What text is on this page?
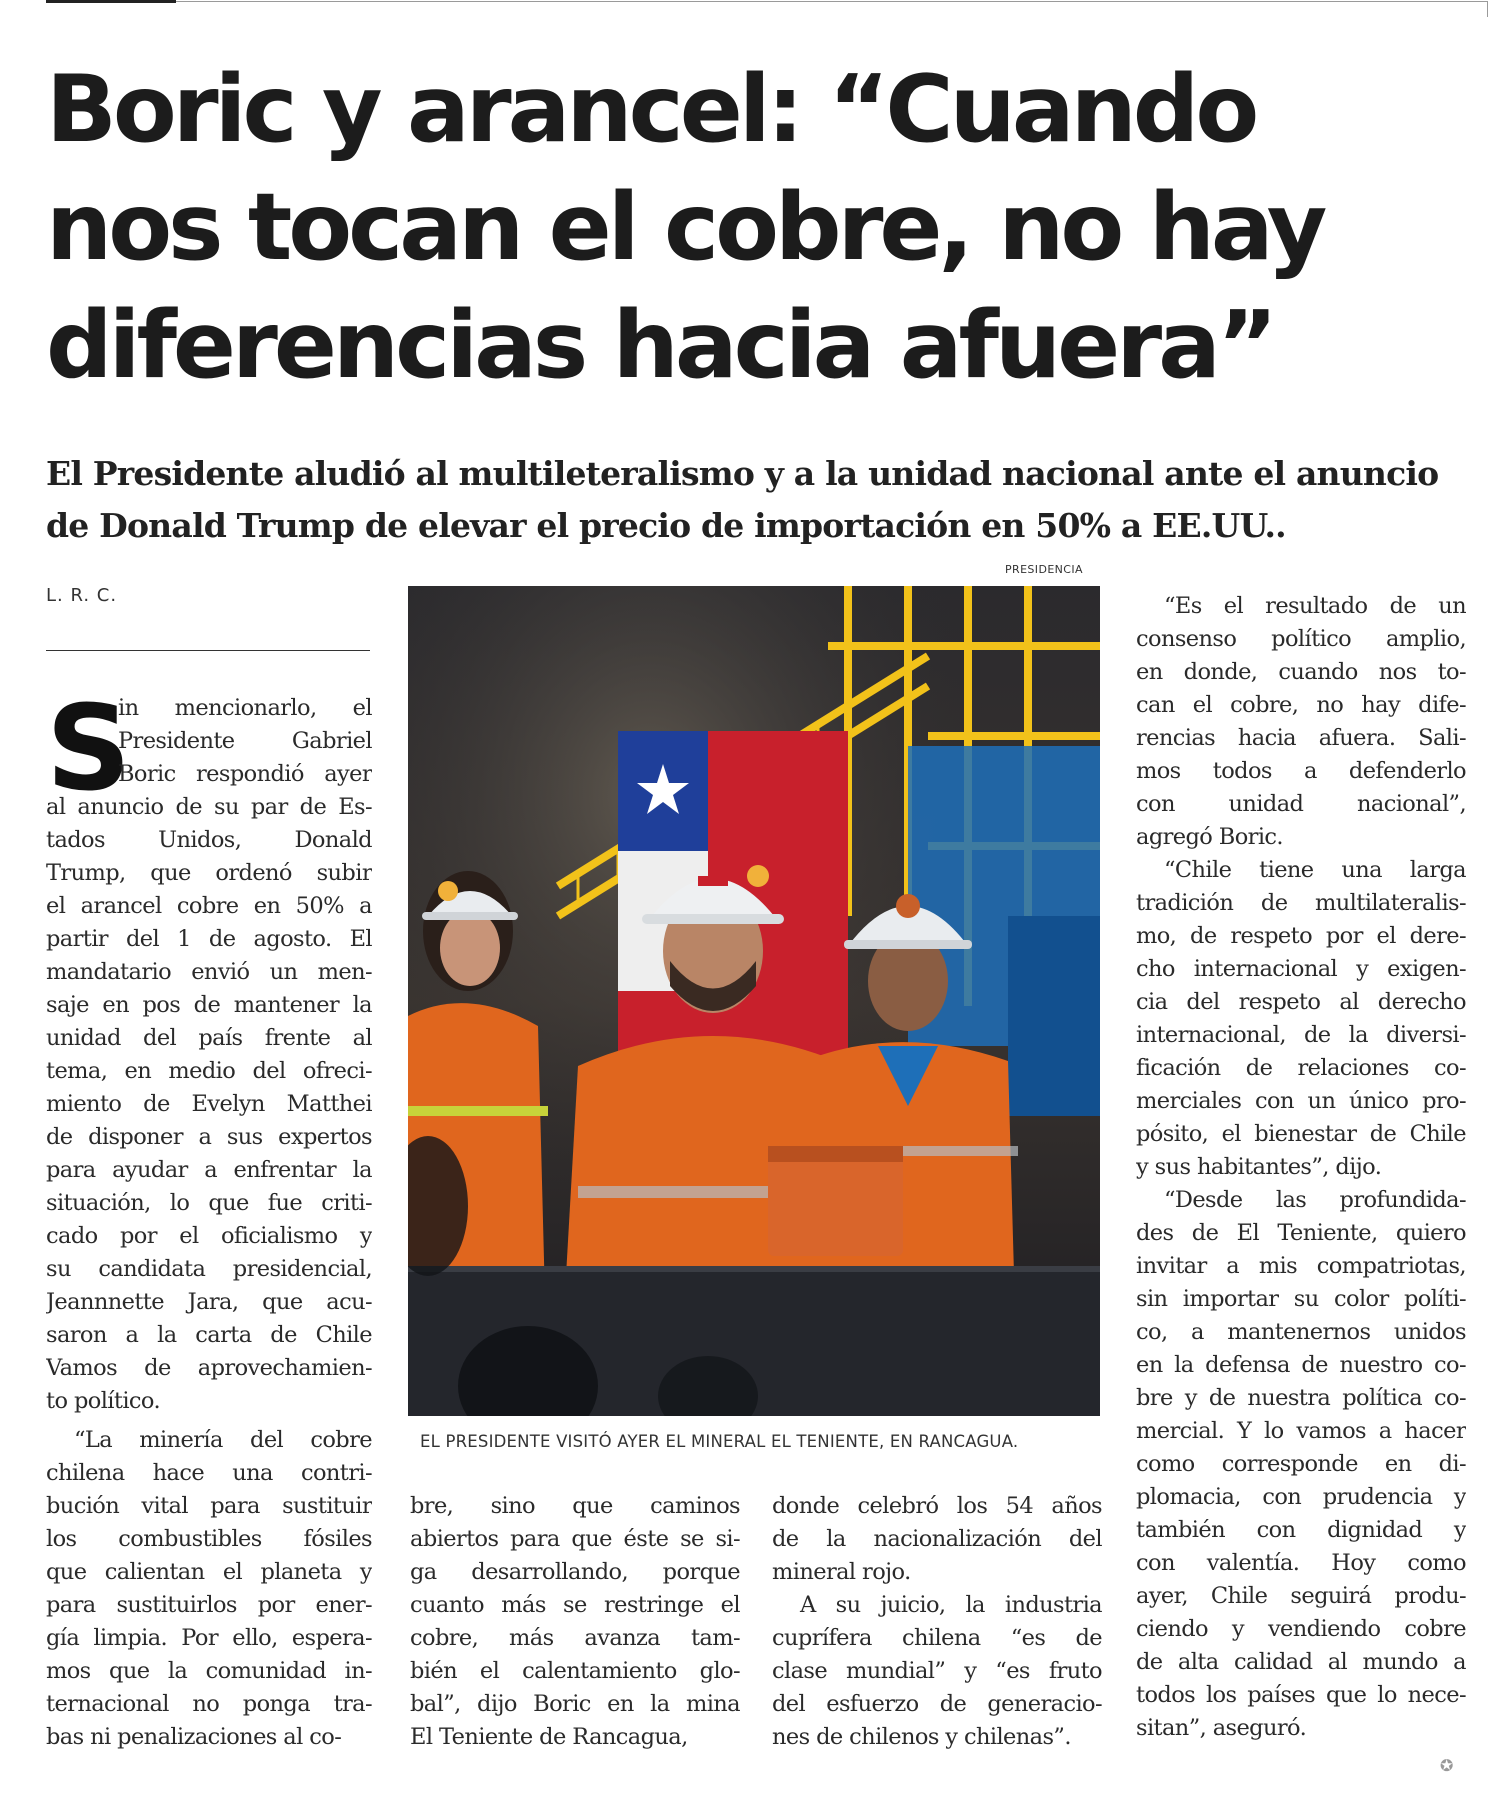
Boric y arancel: “Cuando
nos tocan el cobre, no hay
diferencias hacia afuera”
El Presidente aludió al multileteralismo y a la unidad nacional ante el anuncio
de Donald Trump de elevar el precio de importación en 50% a EE.UU..
L. R. C.
S
in mencionarlo, el
Presidente Gabriel
Boric respondió ayer
al anuncio de su par de Es-
tados Unidos, Donald
Trump, que ordenó subir
el arancel cobre en 50% a
partir del 1 de agosto. El
mandatario envió un men-
saje en pos de mantener la
unidad del país frente al
tema, en medio del ofreci-
miento de Evelyn Matthei
de disponer a sus expertos
para ayudar a enfrentar la
situación, lo que fue criti-
cado por el oficialismo y
su candidata presidencial,
Jeannnette Jara, que acu-
saron a la carta de Chile
Vamos de aprovechamien-
to político.
“La minería del cobre
chilena hace una contri-
bución vital para sustituir
los combustibles fósiles
que calientan el planeta y
para sustituirlos por ener-
gía limpia. Por ello, espera-
mos que la comunidad in-
ternacional no ponga tra-
bas ni penalizaciones al co-
bre, sino que caminos
abiertos para que éste se si-
ga desarrollando, porque
cuanto más se restringe el
cobre, más avanza tam-
bién el calentamiento glo-
bal”, dijo Boric en la mina
El Teniente de Rancagua,
donde celebró los 54 años
de la nacionalización del
mineral rojo.
A su juicio, la industria
cuprífera chilena “es de
clase mundial” y “es fruto
del esfuerzo de generacio-
nes de chilenos y chilenas”.
“Es el resultado de un
consenso político amplio,
en donde, cuando nos to-
can el cobre, no hay dife-
rencias hacia afuera. Sali-
mos todos a defenderlo
con unidad nacional”,
agregó Boric.
“Chile tiene una larga
tradición de multilateralis-
mo, de respeto por el dere-
cho internacional y exigen-
cia del respeto al derecho
internacional, de la diversi-
ficación de relaciones co-
merciales con un único pro-
pósito, el bienestar de Chile
y sus habitantes”, dijo.
“Desde las profundida-
des de El Teniente, quiero
invitar a mis compatriotas,
sin importar su color políti-
co, a mantenernos unidos
en la defensa de nuestro co-
bre y de nuestra política co-
mercial. Y lo vamos a hacer
como corresponde en di-
plomacia, con prudencia y
también con dignidad y
con valentía. Hoy como
ayer, Chile seguirá produ-
ciendo y vendiendo cobre
de alta calidad al mundo a
todos los países que lo nece-
sitan”, aseguró.
PRESIDENCIA
EL PRESIDENTE VISITÓ AYER EL MINERAL EL TENIENTE, EN RANCAGUA.
✪
